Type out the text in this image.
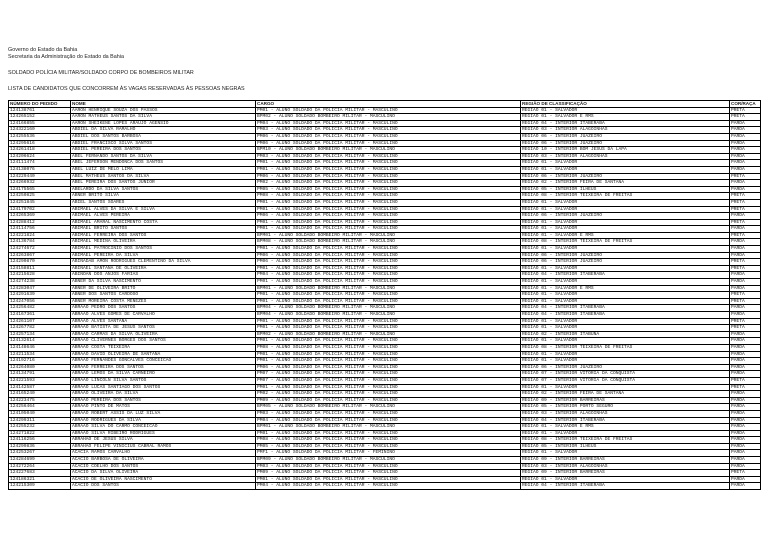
Governo do Estado da Bahia
Secretaria da Administração do Estado da Bahia
SOLDADO POLÍCIA MILITAR/SOLDADO CORPO DE BOMBEIROS MILITAR
LISTA DE CANDIDATOS QUE CONCORREM ÀS VAGAS RESERVADAS ÀS PESSOAS NEGRAS
NÚMERO DO PEDIDO	NOME	CARGO	REGIÃO DE CLASSIFICAÇÃO	COR/RAÇA
124138761	AARON HENRIQUE SOUZA DOS PASSOS	PM01 - ALUNO SOLDADO DA POLICIA MILITAR - MASCULINO	REGIAO 01 - SALVADOR	PRETA
124265152	AARON MATHEUS SANTOS DA SILVA	BPM02 - ALUNO SOLDADO BOMBEIRO MILITAR - MASCULINO	REGIAO 01 - SALVADOR E RMS	PRETA
124166855	AARON SHEIKENE LOPES ARAUJO AGENSIO	PM04 - ALUNO SOLDADO DA POLICIA MILITAR - MASCULINO	REGIAO 04 - INTERIOR ITABERABA	PARDA
124322160	ABDIEL DA SILVA RAMALHO	PM03 - ALUNO SOLDADO DA POLICIA MILITAR - MASCULINO	REGIAO 03 - INTERIOR ALAGOINHAS	PARDA
124255536	ABDIEL DOS SANTOS BARBOSA	PM06 - ALUNO SOLDADO DA POLICIA MILITAR - MASCULINO	REGIAO 06 - INTERIOR JUAZEIRO	PARDA
124295616	ABDIEL FRANCISCO SILVA SANTOS	PM06 - ALUNO SOLDADO DA POLICIA MILITAR - MASCULINO	REGIAO 06 - INTERIOR JUAZEIRO	PARDA
124261418	ABDIEL PEREIRA DOS SANTOS	BPM10 - ALUNO SOLDADO BOMBEIRO MILITAR - MASCULINO	REGIAO 10 - INTERIOR BOM JESUS DA LAPA	PARDA
124206624	ABEL FERNANDO SANTOS DA SILVA	PM03 - ALUNO SOLDADO DA POLICIA MILITAR - MASCULINO	REGIAO 03 - INTERIOR ALAGOINHAS	PARDA
124111474	ABEL JEFERSON MENDONCA DOS SANTOS	PM01 - ALUNO SOLDADO DA POLICIA MILITAR - MASCULINO	REGIAO 01 - SALVADOR	PARDA
124138076	ABEL LUIZ DE MELO LIMA	PM01 - ALUNO SOLDADO DA POLICIA MILITAR - MASCULINO	REGIAO 01 - SALVADOR	PARDA
124229440	ABEL MATHEUS SANTOS DA SILVA	PM06 - ALUNO SOLDADO DA POLICIA MILITAR - MASCULINO	REGIAO 06 - INTERIOR JUAZEIRO	PRETA
124266932	ABEL PEREIRA DOS SANTOS JUNIOR	PM02 - ALUNO SOLDADO DA POLICIA MILITAR - MASCULINO	REGIAO 02 - INTERIOR FEIRA DE SANTANA	PARDA
124175565	ABELARDO DA SILVA SANTOS	PM05 - ALUNO SOLDADO DA POLICIA MILITAR - MASCULINO	REGIAO 05 - INTERIOR ILHEUS	PARDA
124250825	ABNER BRITO SILVA	PM08 - ALUNO SOLDADO DA POLICIA MILITAR - MASCULINO	REGIAO 08 - INTERIOR TEIXEIRA DE FREITAS	PRETA
124251845	ABIEL SANTOS SOARES	PM01 - ALUNO SOLDADO DA POLICIA MILITAR - MASCULINO	REGIAO 01 - SALVADOR	PRETA
124179702	ABIMAEL ALVES DA SILVA E SILVA	PM01 - ALUNO SOLDADO DA POLICIA MILITAR - MASCULINO	REGIAO 01 - SALVADOR	PRETA
124265369	ABIMAEL ALVES PEREIRA	PM06 - ALUNO SOLDADO DA POLICIA MILITAR - MASCULINO	REGIAO 06 - INTERIOR JUAZEIRO	PARDA
124288412	ABIMAEL AMARAL NASCIMENTO COSTA	PM01 - ALUNO SOLDADO DA POLICIA MILITAR - MASCULINO	REGIAO 01 - SALVADOR	PRETA
124114756	ABIMAEL BRITO SANTOS	PM01 - ALUNO SOLDADO DA POLICIA MILITAR - MASCULINO	REGIAO 01 - SALVADOR	PARDA
124221824	ABIMAEL FERREIRA DOS SANTOS	BPM01 - ALUNO SOLDADO BOMBEIRO MILITAR - MASCULINO	REGIAO 01 - SALVADOR E RMS	PRETA
124136784	ABIMAEL MEDINA OLIVEIRA	BPM08 - ALUNO SOLDADO BOMBEIRO MILITAR - MASCULINO	REGIAO 08 - INTERIOR TEIXEIRA DE FREITAS	PARDA
124274672	ABIMAEL PATROCINIO DOS SANTOS	PM01 - ALUNO SOLDADO DA POLICIA MILITAR - MASCULINO	REGIAO 01 - SALVADOR	PARDA
124263867	ABIMAEL PEREIRA DA SILVA	PM06 - ALUNO SOLDADO DA POLICIA MILITAR - MASCULINO	REGIAO 06 - INTERIOR JUAZEIRO	PARDA
124290870	ABINADAB AMON RODRIGUES CLEMENTINO DA SILVA	PM06 - ALUNO SOLDADO DA POLICIA MILITAR - MASCULINO	REGIAO 06 - INTERIOR JUAZEIRO	PRETA
124158811	ABINAEL SANTANA DE OLIVEIRA	PM01 - ALUNO SOLDADO DA POLICIA MILITAR - MASCULINO	REGIAO 01 - SALVADOR	PRETA
124215628	ABINOAN DOS ANJOS FARIAS	PM04 - ALUNO SOLDADO DA POLICIA MILITAR - MASCULINO	REGIAO 04 - INTERIOR ITABERABA	PARDA
124274238	ABNER DA SILVA NASCIMENTO	PM01 - ALUNO SOLDADO DA POLICIA MILITAR - MASCULINO	REGIAO 01 - SALVADOR	PARDA
124283047	ABNER DE OLIVEIRA BRITO	BPM01 - ALUNO SOLDADO BOMBEIRO MILITAR - MASCULINO	REGIAO 01 - SALVADOR E RMS	PARDA
124291639	ABNER DOS SANTOS CARDOSO	PM01 - ALUNO SOLDADO DA POLICIA MILITAR - MASCULINO	REGIAO 01 - SALVADOR	PRETA
124247056	ABNER MOREIRA COSTA MENEZES	PM01 - ALUNO SOLDADO DA POLICIA MILITAR - MASCULINO	REGIAO 01 - SALVADOR	PRETA
124256482	ABRAAO PEDRO DOS SANTOS	BPM04 - ALUNO SOLDADO BOMBEIRO MILITAR - MASCULINO	REGIAO 04 - INTERIOR ITABERABA	PARDA
124167361	ABRAAO ALVES GOMES DE CARVALHO	BPM04 - ALUNO SOLDADO BOMBEIRO MILITAR - MASCULINO	REGIAO 04 - INTERIOR ITABERABA	PARDA
124261107	ABRAAO ALVES SANTANA	PM01 - ALUNO SOLDADO DA POLICIA MILITAR - MASCULINO	REGIAO 01 - SALVADOR	PRETA
124267782	ABRAAO BATISTA DE JESUS SANTOS	PM01 - ALUNO SOLDADO DA POLICIA MILITAR - MASCULINO	REGIAO 01 - SALVADOR	PRETA
124257134	ABRAAO CARMAS DA SILVA OLIVEIRA	BPM02 - ALUNO SOLDADO BOMBEIRO MILITAR - MASCULINO	REGIAO 02 - INTERIOR ITABUNA	PARDA
124132614	ABRAAO CLIVERNES BORGES DOS SANTOS	PM01 - ALUNO SOLDADO DA POLICIA MILITAR - MASCULINO	REGIAO 01 - SALVADOR	PARDA
124148646	ABRAAO COSTA TEIXEIRA	PM08 - ALUNO SOLDADO DA POLICIA MILITAR - MASCULINO	REGIAO 08 - INTERIOR TEIXEIRA DE FREITAS	PARDA
124211534	ABRAAO DAVID OLIVEIRA DE SANTANA	PM01 - ALUNO SOLDADO DA POLICIA MILITAR - MASCULINO	REGIAO 01 - SALVADOR	PARDA
124192716	ABRAAO FERNANDES GONCALVES CONCEICAO	PM01 - ALUNO SOLDADO DA POLICIA MILITAR - MASCULINO	REGIAO 01 - SALVADOR	PARDA
124264080	ABRAAO FERREIRA DOS SANTOS	PM06 - ALUNO SOLDADO DA POLICIA MILITAR - MASCULINO	REGIAO 06 - INTERIOR JUAZEIRO	PARDA
124134791	ABRAAO LEMOS DA SILVA CARNEIRO	PM07 - ALUNO SOLDADO DA POLICIA MILITAR - MASCULINO	REGIAO 07 - INTERIOR VITORIA DA CONQUISTA	PARDA
124221593	ABRAAO LINCOLN SILVA SANTOS	PM07 - ALUNO SOLDADO DA POLICIA MILITAR - MASCULINO	REGIAO 07 - INTERIOR VITORIA DA CONQUISTA	PRETA
124142587	ABRAAO LUCAS SANTIAGO DOS SANTOS	PM01 - ALUNO SOLDADO DA POLICIA MILITAR - MASCULINO	REGIAO 01 - SALVADOR	PRETA
124165240	ABRAAO OLIVEIRA DA SILVA	PM02 - ALUNO SOLDADO DA POLICIA MILITAR - MASCULINO	REGIAO 02 - INTERIOR FEIRA DE SANTANA	PARDA
124223475	ABRAAO PEREIRA DOS SANTOS	PM09 - ALUNO SOLDADO DA POLICIA MILITAR - MASCULINO	REGIAO 09 - INTERIOR BARREIRAS	PARDA
124256464	ABRAAO PINTO DE MATOS	BPM05 - ALUNO SOLDADO BOMBEIRO MILITAR - MASCULINO	REGIAO 05 - INTERIOR PORTO SEGURO	PARDA
124105040	ABRAAO ROBERT ASSIS DA LUZ SILVA	PM03 - ALUNO SOLDADO DA POLICIA MILITAR - MASCULINO	REGIAO 03 - INTERIOR ALAGOINHAS	PARDA
124299311	ABRAAO RODRIGUES DA SILVA	PM04 - ALUNO SOLDADO DA POLICIA MILITAR - MASCULINO	REGIAO 04 - INTERIOR ITABERABA	PARDA
124255232	ABRAAO SILVA DO CARMO CONCEICAO	BPM01 - ALUNO SOLDADO BOMBEIRO MILITAR - MASCULINO	REGIAO 01 - SALVADOR E RMS	PARDA
124271822	ABRAAO SILVA RIBEIRO RODRIGUES	PM01 - ALUNO SOLDADO DA POLICIA MILITAR - MASCULINO	REGIAO 01 - SALVADOR	PARDA
124116256	ABRAHAO DE JESUS SILVA	PM08 - ALUNO SOLDADO DA POLICIA MILITAR - MASCULINO	REGIAO 08 - INTERIOR TEIXEIRA DE FREITAS	PARDA
124299836	ABRAHAO FELIPE VINICIUS CABRAL RAMOS	PM05 - ALUNO SOLDADO DA POLICIA MILITAR - MASCULINO	REGIAO 05 - INTERIOR ILHEUS	PARDA
124253267	ACACIA RAMOS CARVALHO	PMF1 - ALUNO SOLDADO DA POLICIA MILITAR - FEMININO	REGIAO 01 - SALVADOR	PARDA
124284699	ACACIO BARBOSA DE OLIVEIRA	BPM09 - ALUNO SOLDADO BOMBEIRO MILITAR - MASCULINO	REGIAO 09 - INTERIOR BARREIRAS	PARDA
124272264	ACACIO COELHO DOS SANTOS	PM03 - ALUNO SOLDADO DA POLICIA MILITAR - MASCULINO	REGIAO 03 - INTERIOR ALAGOINHAS	PARDA
124227683	ACACIO DA SILVA OLIVEIRA	PM09 - ALUNO SOLDADO DA POLICIA MILITAR - MASCULINO	REGIAO 09 - INTERIOR BARREIRAS	PRETA
124186321	ACACIO DE OLIVEIRA NASCIMENTO	PM01 - ALUNO SOLDADO DA POLICIA MILITAR - MASCULINO	REGIAO 01 - SALVADOR	PARDA
124215309	ACACIO DOS SANTOS	PM04 - ALUNO SOLDADO DA POLICIA MILITAR - MASCULINO	REGIAO 04 - INTERIOR ITABERABA	PARDA
